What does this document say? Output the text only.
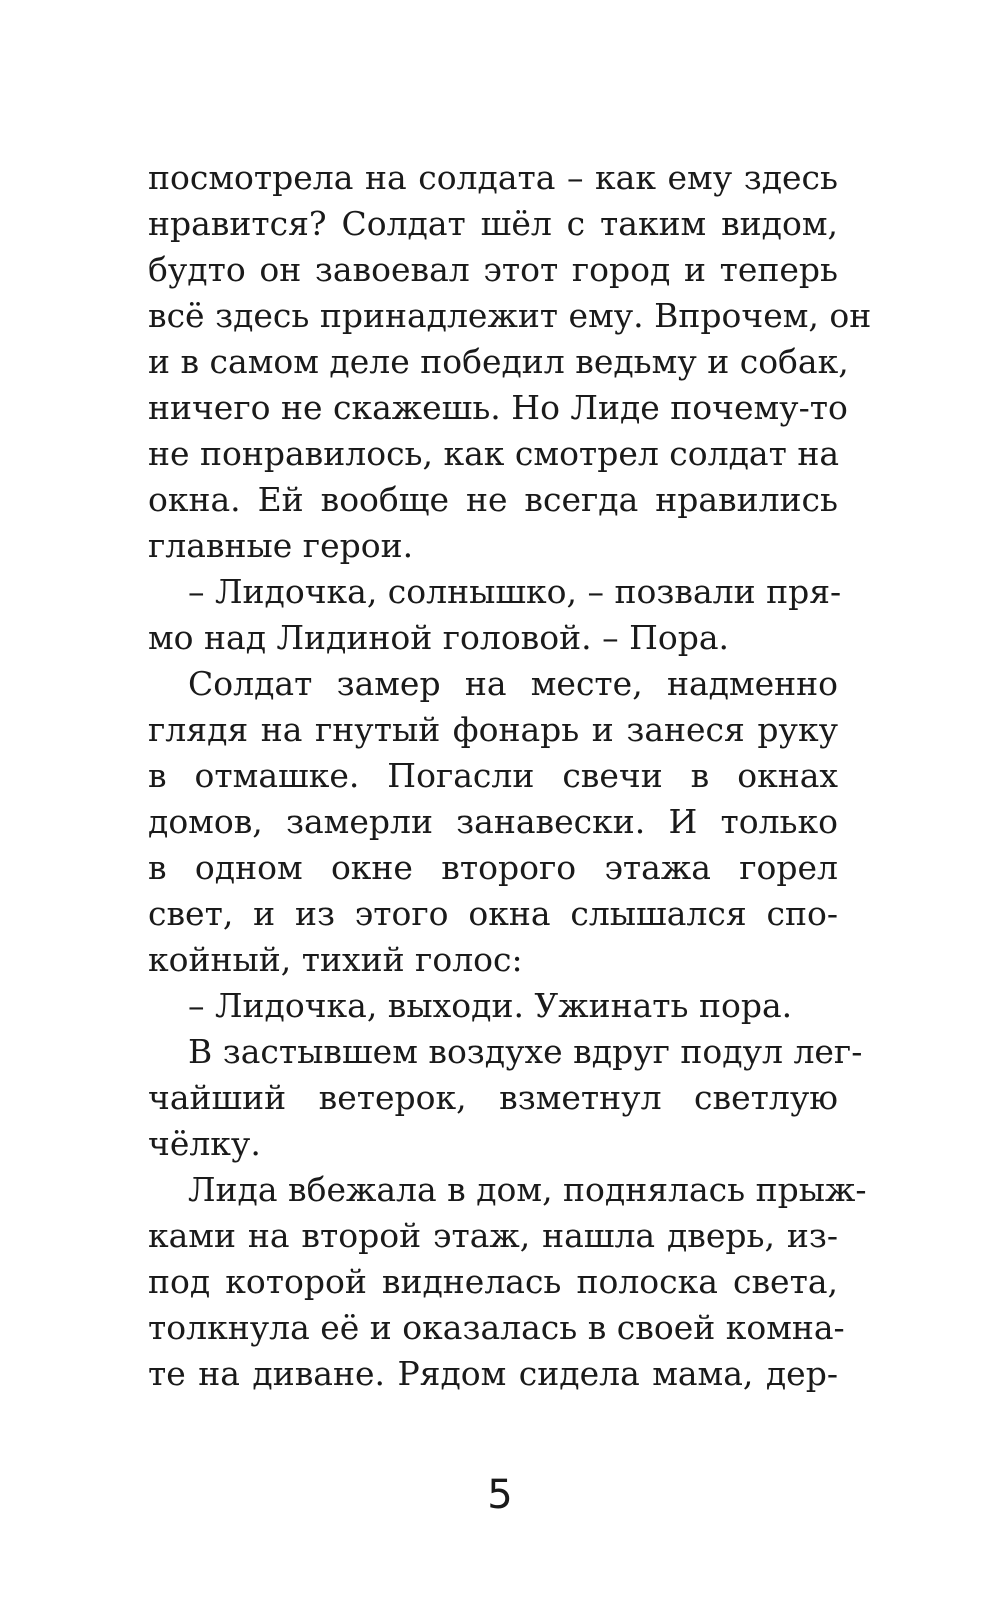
посмотрела на солдата – как ему здесь
нравится? Солдат шёл с таким видом,
будто он завоевал этот город и теперь
всё здесь принадлежит ему. Впрочем, он
и в самом деле победил ведьму и собак,
ничего не скажешь. Но Лиде почему-то
не понравилось, как смотрел солдат на
окна. Ей вообще не всегда нравились
главные герои.
– Лидочка, солнышко, – позвали пря-
мо над Лидиной головой. – Пора.
Солдат замер на месте, надменно
глядя на гнутый фонарь и занеся руку
в отмашке. Погасли свечи в окнах
домов, замерли занавески. И только
в одном окне второго этажа горел
свет, и из этого окна слышался спо-
койный, тихий голос:
– Лидочка, выходи. Ужинать пора.
В застывшем воздухе вдруг подул лег-
чайший ветерок, взметнул светлую
чёлку.
Лида вбежала в дом, поднялась прыж-
ками на второй этаж, нашла дверь, из-
под которой виднелась полоска света,
толкнула её и оказалась в своей комна-
те на диване. Рядом сидела мама, дер-
5
